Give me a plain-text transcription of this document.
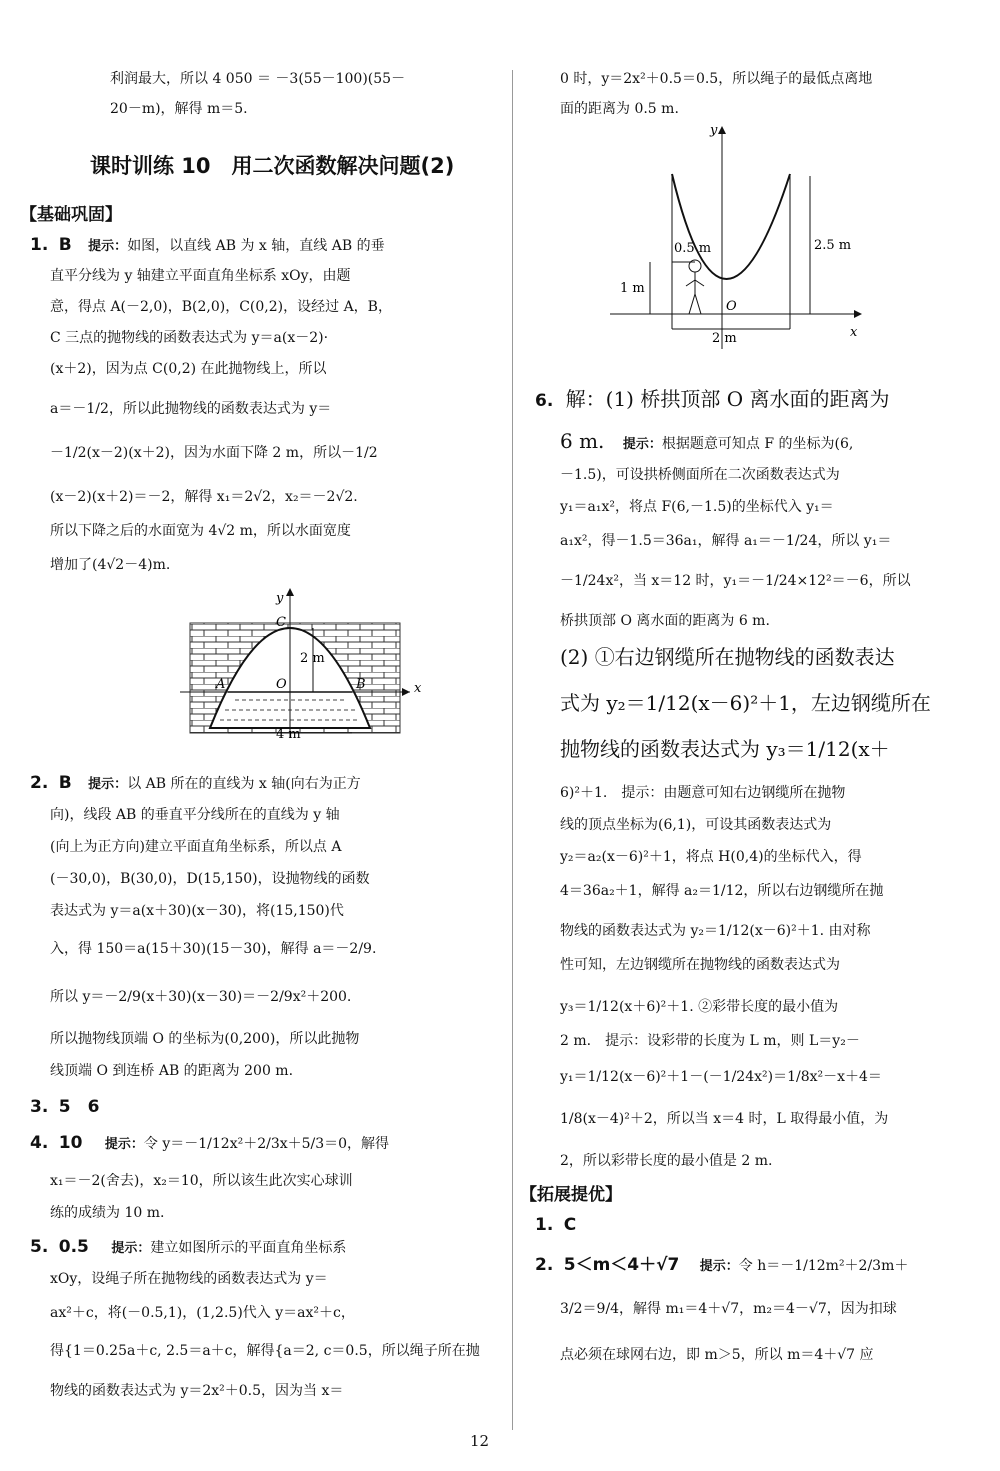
利润最大，所以 4 050 ＝ －3(55－100)(55－
20－m)，解得 m＝5.
课时训练 10　用二次函数解决问题(2)
【基础巩固】
1. B 提示：如图，以直线 AB 为 x 轴，直线 AB 的垂
直平分线为 y 轴建立平面直角坐标系 xOy，由题
意，得点 A(－2,0)，B(2,0)，C(0,2)，设经过 A，B，
C 三点的抛物线的函数表达式为 y＝a(x－2)·
(x＋2)，因为点 C(0,2) 在此抛物线上，所以
a＝－1/2，所以此抛物线的函数表达式为 y＝
－1/2(x－2)(x＋2)，因为水面下降 2 m，所以－1/2
(x－2)(x＋2)＝－2，解得 x₁＝2√2，x₂＝－2√2.
所以下降之后的水面宽为 4√2 m，所以水面宽度
增加了(4√2－4)m.
y
x
C
A	B
O
2 m
4 m
2. B 提示：以 AB 所在的直线为 x 轴(向右为正方
向)，线段 AB 的垂直平分线所在的直线为 y 轴
(向上为正方向)建立平面直角坐标系，所以点 A
(－30,0)，B(30,0)，D(15,150)，设抛物线的函数
表达式为 y＝a(x＋30)(x－30)，将(15,150)代
入，得 150＝a(15＋30)(15－30)，解得 a＝－2/9.
所以 y＝－2/9(x＋30)(x－30)＝－2/9x²＋200.
所以抛物线顶端 O 的坐标为(0,200)，所以此抛物
线顶端 O 到连桥 AB 的距离为 200 m.
3. 5　6
4. 10 提示：令 y＝－1/12x²＋2/3x＋5/3＝0，解得
x₁＝－2(舍去)，x₂＝10，所以该生此次实心球训
练的成绩为 10 m.
5. 0.5 提示：建立如图所示的平面直角坐标系
xOy，设绳子所在抛物线的函数表达式为 y＝
ax²＋c，将(－0.5,1)，(1,2.5)代入 y＝ax²＋c，
得{1＝0.25a＋c, 2.5＝a＋c，解得{a＝2, c＝0.5，所以绳子所在抛
物线的函数表达式为 y＝2x²＋0.5，因为当 x＝
0 时，y＝2x²＋0.5＝0.5，所以绳子的最低点离地
面的距离为 0.5 m.
y
x
O
0.5 m
1 m
2.5 m
2 m
6. 解：(1) 桥拱顶部 O 离水面的距离为
6 m. 提示：根据题意可知点 F 的坐标为(6,
－1.5)，可设拱桥侧面所在二次函数表达式为
y₁＝a₁x²，将点 F(6,－1.5)的坐标代入 y₁＝
a₁x²，得－1.5＝36a₁，解得 a₁＝－1/24，所以 y₁＝
－1/24x²，当 x＝12 时，y₁＝－1/24×12²＝－6，所以
桥拱顶部 O 离水面的距离为 6 m.
(2) ①右边钢缆所在抛物线的函数表达
式为 y₂＝1/12(x－6)²＋1，左边钢缆所在
抛物线的函数表达式为 y₃＝1/12(x＋
6)²＋1.　提示：由题意可知右边钢缆所在抛物
线的顶点坐标为(6,1)，可设其函数表达式为
y₂＝a₂(x－6)²＋1，将点 H(0,4)的坐标代入，得
4＝36a₂＋1，解得 a₂＝1/12，所以右边钢缆所在抛
物线的函数表达式为 y₂＝1/12(x－6)²＋1. 由对称
性可知，左边钢缆所在抛物线的函数表达式为
y₃＝1/12(x＋6)²＋1. ②彩带长度的最小值为
2 m.　提示：设彩带的长度为 L m，则 L＝y₂－
y₁＝1/12(x－6)²＋1－(－1/24x²)＝1/8x²－x＋4＝
1/8(x－4)²＋2，所以当 x＝4 时，L 取得最小值，为
2，所以彩带长度的最小值是 2 m.
【拓展提优】
1. C
2. 5＜m＜4＋√7 提示：令 h＝－1/12m²＋2/3m＋
3/2＝9/4，解得 m₁＝4＋√7，m₂＝4－√7，因为扣球
点必须在球网右边，即 m＞5，所以 m＝4＋√7 应
12
